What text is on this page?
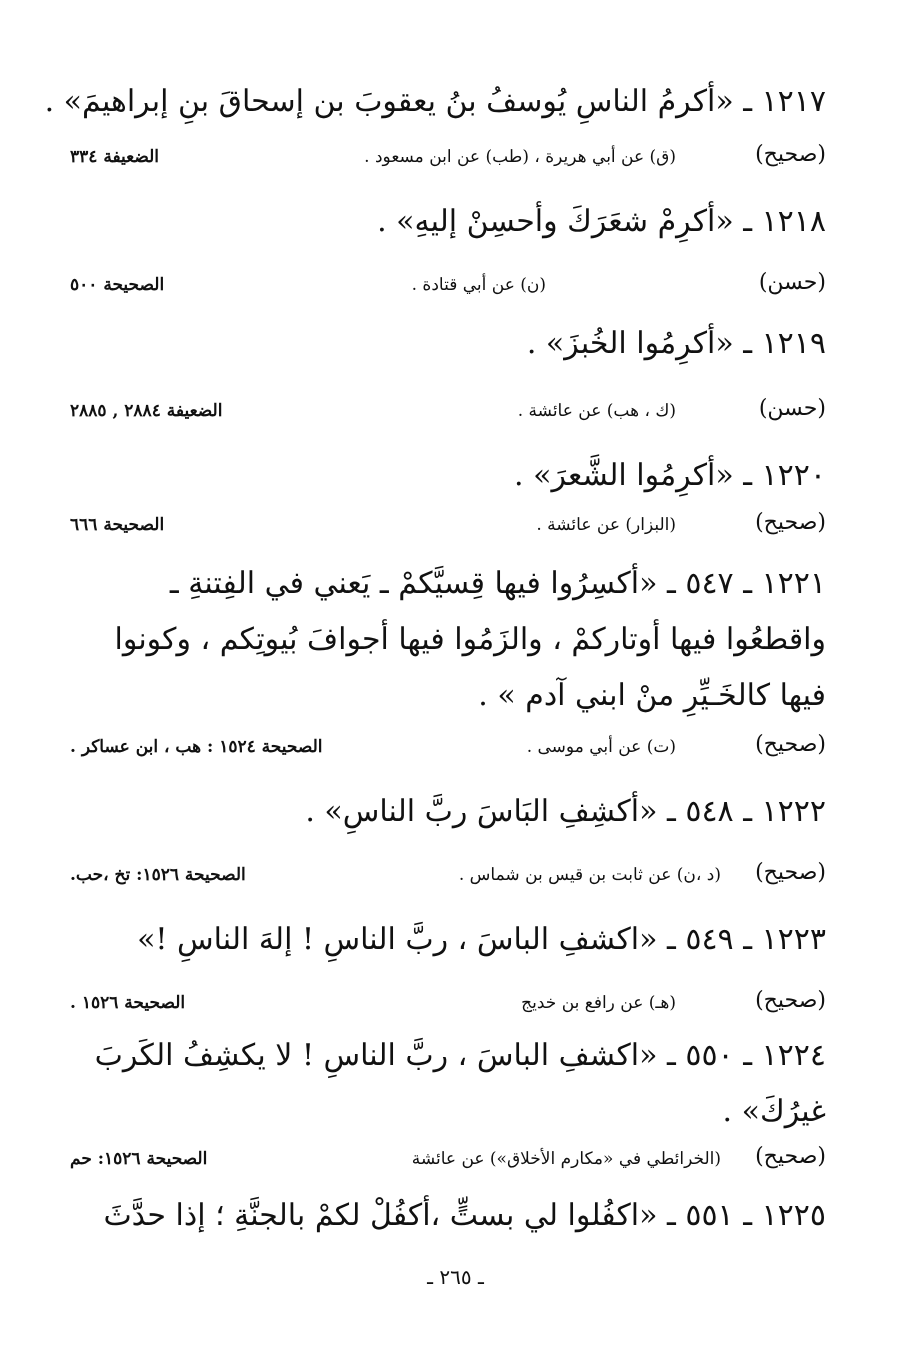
١٢١٧ ـ «أكرمُ الناسِ يُوسفُ بنُ يعقوبَ بن إسحاقَ بنِ إبراهيمَ» .
( صحيح )
(ق) عن أبي هريرة ، (طب) عن ابن مسعود .
الضعيفة ٣٣٤
١٢١٨ ـ «أكرِمْ شعَرَكَ وأحسِنْ إليهِ» .
( حسن )
(ن) عن أبي قتادة .
الصحيحة ٥٠٠
١٢١٩ ـ «أكرِمُوا الخُبزَ» .
( حسن )
(ك ، هب) عن عائشة .
الضعيفة ٢٨٨٤ , ٢٨٨٥
١٢٢٠ ـ «أكرِمُوا الشَّعرَ» .
( صحيح )
(البزار) عن عائشة .
الصحيحة ٦٦٦
١٢٢١ ـ ٥٤٧ ـ «أكسِرُوا فيها قِسيَّكمْ ـ يَعني في الفِتنةِ ـ واقطعُوا فيها أوتاركمْ ، والزَمُوا فيها أجوافَ بُيوتِكم ، وكونوا فيها كالخَـيِّرِ منْ ابني آدم » .
( صحيح )
(ت) عن أبي موسى .
الصحيحة ١٥٢٤ : هب ، ابن عساكر .
١٢٢٢ ـ ٥٤٨ ـ «أكشِفِ البَاسَ ربَّ الناسِ» .
( صحيح )
(د ،ن) عن ثابت بن قيس بن شماس .
الصحيحة ١٥٢٦: تخ ،حب.
١٢٢٣ ـ ٥٤٩ ـ «اكشفِ الباسَ ، ربَّ الناسِ ! إلهَ الناسِ !»
( صحيح )
(هـ) عن رافع بن خديج
الصحيحة ١٥٢٦ .
١٢٢٤ ـ ٥٥٠ ـ «اكشفِ الباسَ ، ربَّ الناسِ ! لا يكشِفُ الكَربَ غيرُكَ» .
( صحيح )
(الخرائطي في «مكارم الأخلاق») عن عائشة
الصحيحة ١٥٢٦: حم
١٢٢٥ ـ ٥٥١ ـ «اكفُلوا لي بستٍّ ،أكفُلْ لكمْ بالجنَّةِ ؛ إذا حدَّثَ
ـ ٢٦٥ ـ
